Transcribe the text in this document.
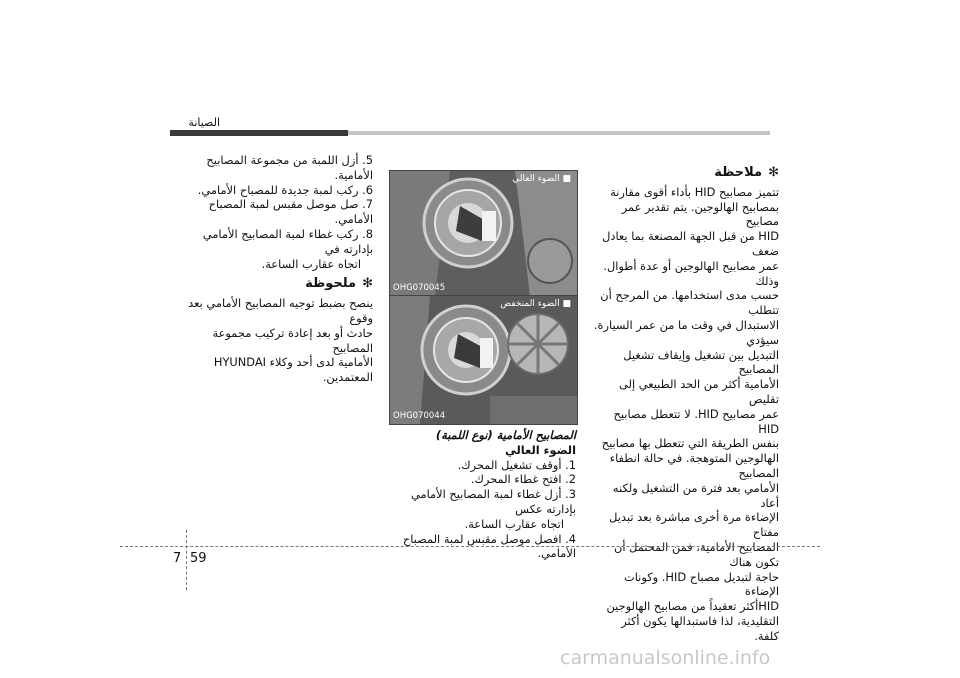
الصيانة

5. أزل اللمبة من مجموعة المصابيح الأمامية.

6. ركب لمبة جديدة للمصباح الأمامي.

7. صل موصل مقبس لمبة المصباح الأمامي.

8. ركب غطاء لمبة المصابيح الأمامي بإدارته في

اتجاه عقارب الساعة.

✻
ملحوظة

ينصح بضبط توجيه المصابيح الأمامي بعد وقوع

حادث أو بعد إعادة تركيب مجموعة المصابيح

الأمامية لدى أحد وكلاء HYUNDAI المعتمدين.

■ الضوء العالي
OHG070045
■ الضوء المنخفض
OHG070044

المصابيح الأمامية (نوع اللمبة)

الضوء العالي

1. أوقف تشغيل المحرك.

2. افتح غطاء المحرك.

3. أزل غطاء لمبة المصابيح الأمامي بإدارته عكس

اتجاه عقارب الساعة.

4. افصل موصل مقبس لمبة المصباح الأمامي.

✻
ملاحظة

تتميز مصابيح HID بأداء أقوى مقارنة

بمصابيح الهالوجين. يتم تقدير عمر مصابيح

HID من قبل الجهة المصنعة بما يعادل ضعف

عمر مصابيح الهالوجين أو عدة أطوال. وذلك

حسب مدى استخدامها. من المرجح أن تتطلب

الاستبدال في وقت ما من عمر السيارة. سيؤدي

التبديل بين تشغيل وإيقاف تشغيل المصابيح

الأمامية أكثر من الحد الطبيعي إلى تقليص

عمر مصابيح HID. لا تتعطل مصابيح HID

بنفس الطريقة التي تتعطل بها مصابيح

الهالوجين المتوهجة. في حالة انطفاء المصابيح

الأمامي بعد فترة من التشغيل ولكنه أعاد

الإضاءة مرة أخرى مباشرة بعد تبديل مفتاح

المصابيح الأمامية، فمن المحتمل أن تكون هناك

حاجة لتبديل مصباح HID. وكونات الإضاءة

HIDأكثر تعقيداً من مصابيح الهالوجين

التقليدية، لذا فاستبدالها يكون أكثر كلفة.

7 59
carmanualsonline.info
